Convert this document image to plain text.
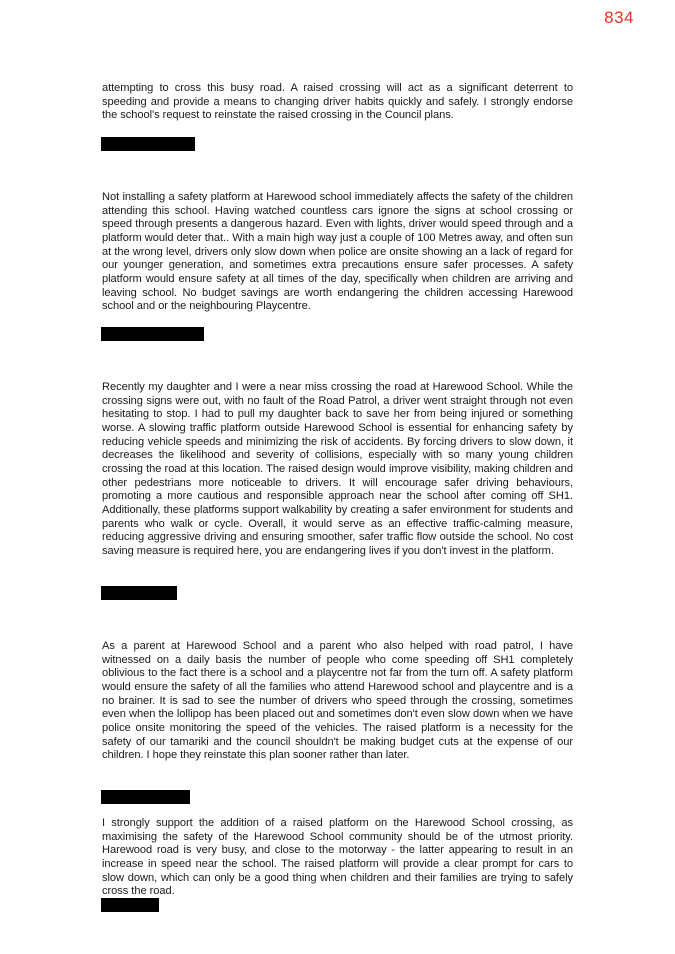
834

attempting to cross this busy road. A raised crossing will act as a significant deterrent to speeding and provide a means to changing driver habits quickly and safely. I strongly endorse the school's request to reinstate the raised crossing in the Council plans.

Not installing a safety platform at Harewood school immediately affects the safety of the children attending this school. Having watched countless cars ignore the signs at school crossing or speed through presents a dangerous hazard. Even with lights, driver would speed through and a platform would deter that.. With a main high way just a couple of 100 Metres away, and often sun at the wrong level, drivers only slow down when police are onsite showing an a lack of regard for our younger generation, and sometimes extra precautions ensure safer processes. A safety platform would ensure safety at all times of the day, specifically when children are arriving and leaving school. No budget savings are worth endangering the children accessing Harewood school and or the neighbouring Playcentre.

Recently my daughter and I were a near miss crossing the road at Harewood School. While the crossing signs were out, with no fault of the Road Patrol, a driver went straight through not even hesitating to stop. I had to pull my daughter back to save her from being injured or something worse. A slowing traffic platform outside Harewood School is essential for enhancing safety by reducing vehicle speeds and minimizing the risk of accidents. By forcing drivers to slow down, it decreases the likelihood and severity of collisions, especially with so many young children crossing the road at this location. The raised design would improve visibility, making children and other pedestrians more noticeable to drivers. It will encourage safer driving behaviours, promoting a more cautious and responsible approach near the school after coming off SH1. Additionally, these platforms support walkability by creating a safer environment for students and parents who walk or cycle. Overall, it would serve as an effective traffic-calming measure, reducing aggressive driving and ensuring smoother, safer traffic flow outside the school. No cost saving measure is required here, you are endangering lives if you don't invest in the platform.

As a parent at Harewood School and a parent who also helped with road patrol, I have witnessed on a daily basis the number of people who come speeding off SH1 completely oblivious to the fact there is a school and a playcentre not far from the turn off. A safety platform would ensure the safety of all the families who attend Harewood school and playcentre and is a no brainer. It is sad to see the number of drivers who speed through the crossing, sometimes even when the lollipop has been placed out and sometimes don't even slow down when we have police onsite monitoring the speed of the vehicles. The raised platform is a necessity for the safety of our tamariki and the council shouldn't be making budget cuts at the expense of our children. I hope they reinstate this plan sooner rather than later.

I strongly support the addition of a raised platform on the Harewood School crossing, as maximising the safety of the Harewood School community should be of the utmost priority. Harewood road is very busy, and close to the motorway - the latter appearing to result in an increase in speed near the school. The raised platform will provide a clear prompt for cars to slow down, which can only be a good thing when children and their families are trying to safely cross the road.
